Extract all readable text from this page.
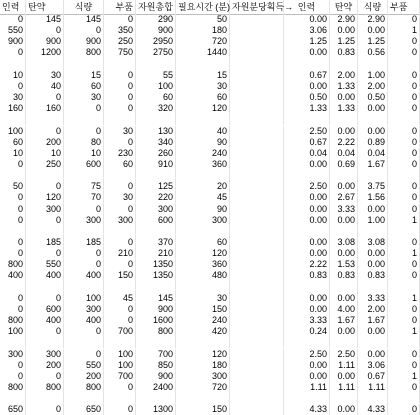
인력 탄약	식량	부품 자원총합 필요시간 (분) 자원분당획득→ 인력	탄약	식량 부품
0	145	145	0	290	50	0.00	2.90	2.90	0
550	0	0	350	900	180	3.06	0.00	0.00	1
900	900	900	250	2950	720	1.25	1.25	1.25	0
0	1200	800	750	2750	1440	0.00	0.83	0.56	0
10	30	15	0	55	15	0.67	2.00	1.00	0
0	40	60	0	100	30	0.00	1.33	2.00	0
30	0	30	0	60	60	0.50	0.00	0.50	0
160	160	0	0	320	120	1.33	1.33	0.00	0
100	0	0	30	130	40	2.50	0.00	0.00	0
60	200	80	0	340	90	0.67	2.22	0.89	0
10	10	10	230	260	240	0.04	0.04	0.04	0
0	250	600	60	910	360	0.00	0.69	1.67	0
50	0	75	0	125	20	2.50	0.00	3.75	0
0	120	70	30	220	45	0.00	2.67	1.56	0
0	300	0	0	300	90	0.00	3.33	0.00	0
0	0	300	300	600	300	0.00	0.00	1.00	1
0	185	185	0	370	60	0.00	3.08	3.08	0
0	0	0	210	210	120	0.00	0.00	0.00	1
800	550	0	0	1350	360	2.22	1.53	0.00	0
400	400	400	150	1350	480	0.83	0.83	0.83	0
0	0	100	45	145	30	0.00	0.00	3.33	1
0	600	300	0	900	150	0.00	4.00	2.00	0
800	400	400	0	1600	240	3.33	1.67	1.67	0
100	0	0	700	800	420	0.24	0.00	0.00	1
300	300	0	100	700	120	2.50	2.50	0.00	0
0	200	550	100	850	180	0.00	1.11	3.06	0
0	0	200	700	900	300	0.00	0.00	0.67	1
800	800	800	0	2400	720	1.11	1.11	1.11	0
650	0	650	0	1300	150	4.33	0.00	4.33	0
